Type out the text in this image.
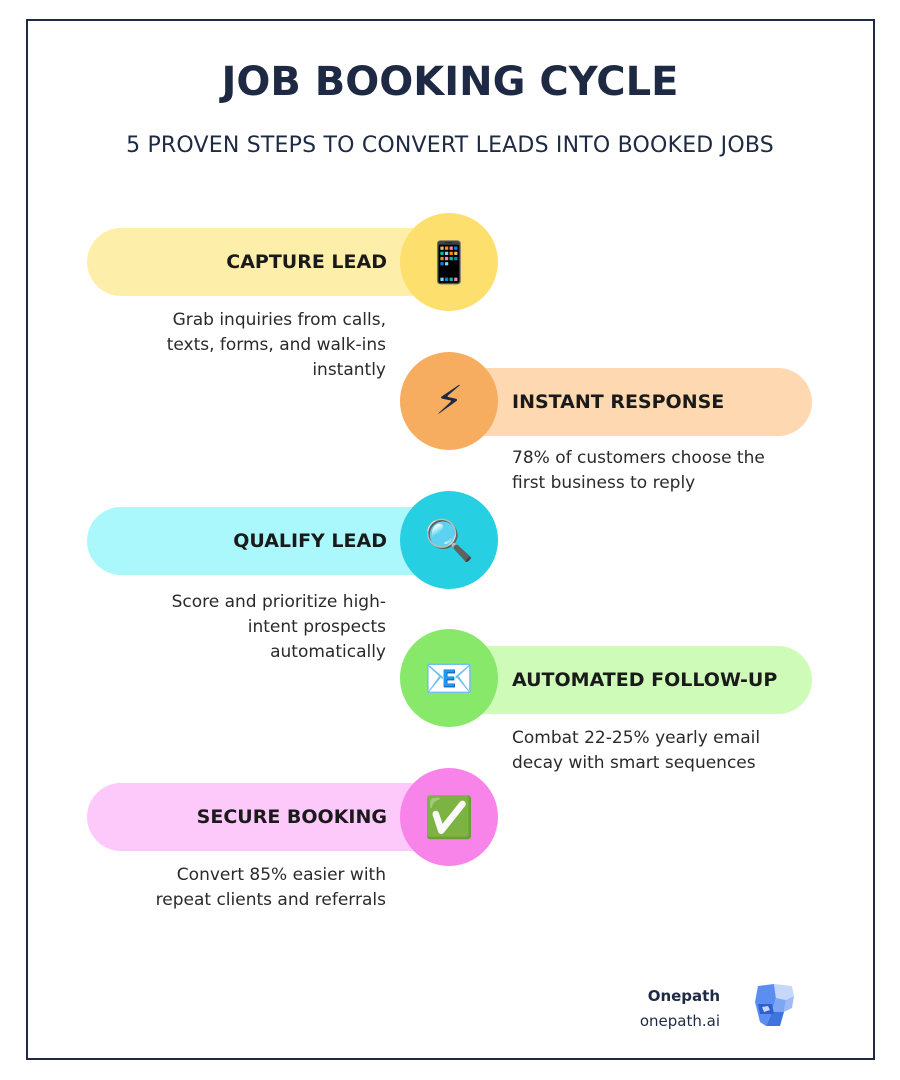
JOB BOOKING CYCLE
5 PROVEN STEPS TO CONVERT LEADS INTO BOOKED JOBS
CAPTURE LEAD 📱
Grab inquiries from calls,
texts, forms, and walk-ins
instantly
INSTANT RESPONSE
⚡
78% of customers choose the
first business to reply
QUALIFY LEAD 🔍
Score and prioritize high-
intent prospects
automatically
AUTOMATED FOLLOW-UP
📧
Combat 22-25% yearly email
decay with smart sequences
SECURE BOOKING ✅
Convert 85% easier with
repeat clients and referrals
Onepath
onepath.ai
